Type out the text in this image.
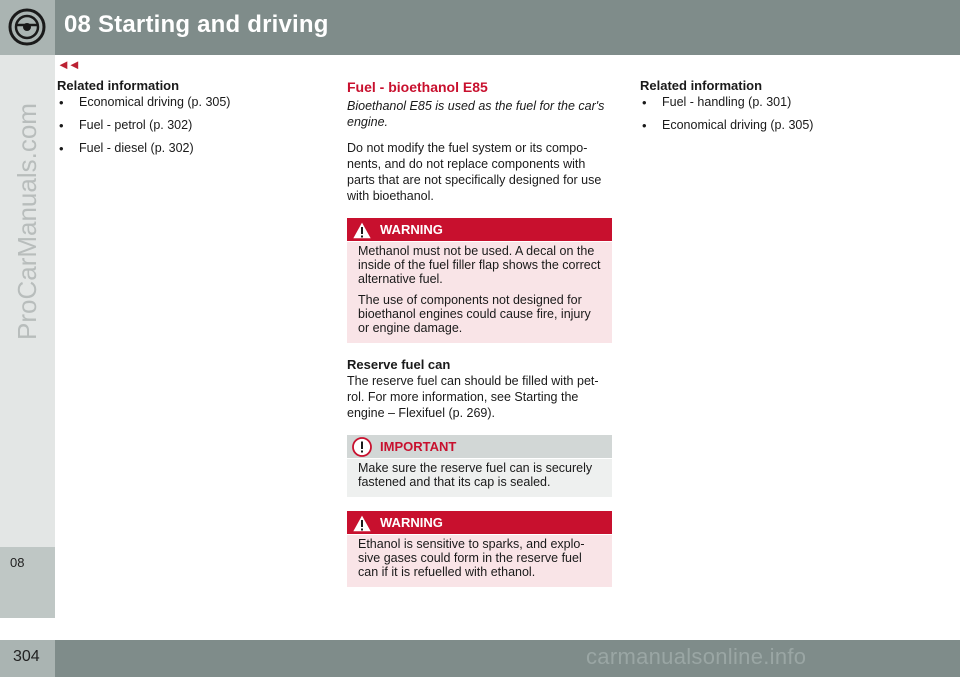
08 Starting and driving
ProCarManuals.com
08
◄◄
Related information
• Economical driving (p. 305)
• Fuel - petrol (p. 302)
• Fuel - diesel (p. 302)
Fuel - bioethanol E85
Bioethanol E85 is used as the fuel for the car's engine.
Do not modify the fuel system or its compo-nents, and do not replace components with parts that are not specifically designed for use with bioethanol.
WARNING

Methanol must not be used. A decal on the inside of the fuel filler flap shows the correct alternative fuel.

The use of components not designed for bioethanol engines could cause fire, injury or engine damage.

Reserve fuel can
The reserve fuel can should be filled with pet-rol. For more information, see Starting the engine – Flexifuel (p. 269).
IMPORTANT

Make sure the reserve fuel can is securely fastened and that its cap is sealed.

WARNING

Ethanol is sensitive to sparks, and explo-sive gases could form in the reserve fuel can if it is refuelled with ethanol.

Related information
• Fuel - handling (p. 301)
• Economical driving (p. 305)
304	carmanualsonline.info
